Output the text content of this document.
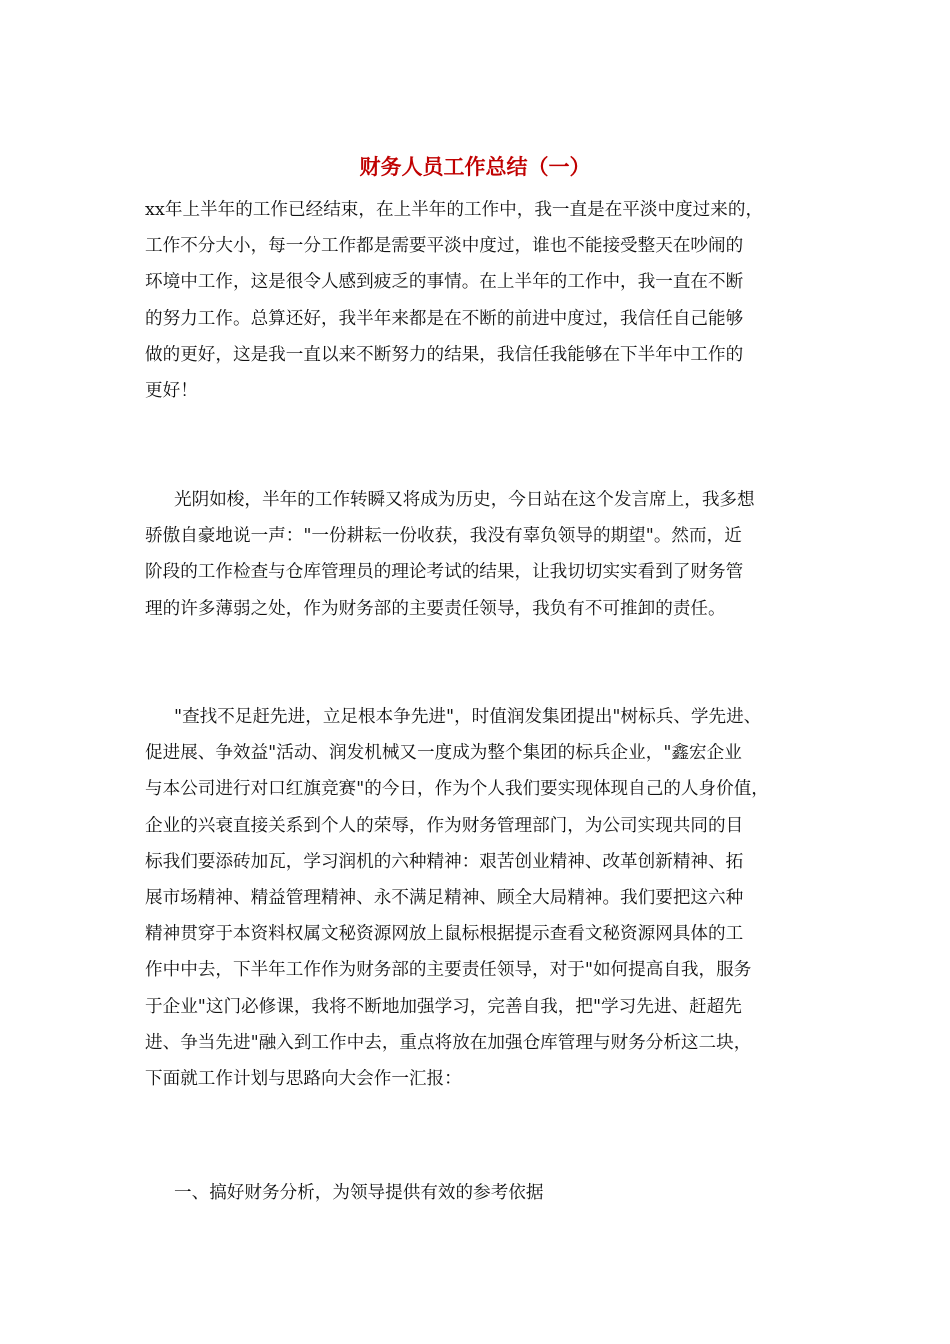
财务人员工作总结（一）

xx年上半年的工作已经结束，在上半年的工作中，我一直是在平淡中度过来的，
工作不分大小，每一分工作都是需要平淡中度过，谁也不能接受整天在吵闹的
环境中工作，这是很令人感到疲乏的事情。在上半年的工作中，我一直在不断
的努力工作。总算还好，我半年来都是在不断的前进中度过，我信任自己能够
做的更好，这是我一直以来不断努力的结果，我信任我能够在下半年中工作的
更好！

光阴如梭，半年的工作转瞬又将成为历史，今日站在这个发言席上，我多想
骄傲自豪地说一声："一份耕耘一份收获，我没有辜负领导的期望"。然而，近
阶段的工作检查与仓库管理员的理论考试的结果，让我切切实实看到了财务管
理的许多薄弱之处，作为财务部的主要责任领导，我负有不可推卸的责任。

"查找不足赶先进，立足根本争先进"，时值润发集团提出"树标兵、学先进、
促进展、争效益"活动、润发机械又一度成为整个集团的标兵企业，"鑫宏企业
与本公司进行对口红旗竞赛"的今日，作为个人我们要实现体现自己的人身价值，
企业的兴衰直接关系到个人的荣辱，作为财务管理部门，为公司实现共同的目
标我们要添砖加瓦，学习润机的六种精神：艰苦创业精神、改革创新精神、拓
展市场精神、精益管理精神、永不满足精神、顾全大局精神。我们要把这六种
精神贯穿于本资料权属文秘资源网放上鼠标根据提示查看文秘资源网具体的工
作中中去，下半年工作作为财务部的主要责任领导，对于"如何提高自我，服务
于企业"这门必修课，我将不断地加强学习，完善自我，把"学习先进、赶超先
进、争当先进"融入到工作中去，重点将放在加强仓库管理与财务分析这二块，
下面就工作计划与思路向大会作一汇报：

一、搞好财务分析，为领导提供有效的参考依据
